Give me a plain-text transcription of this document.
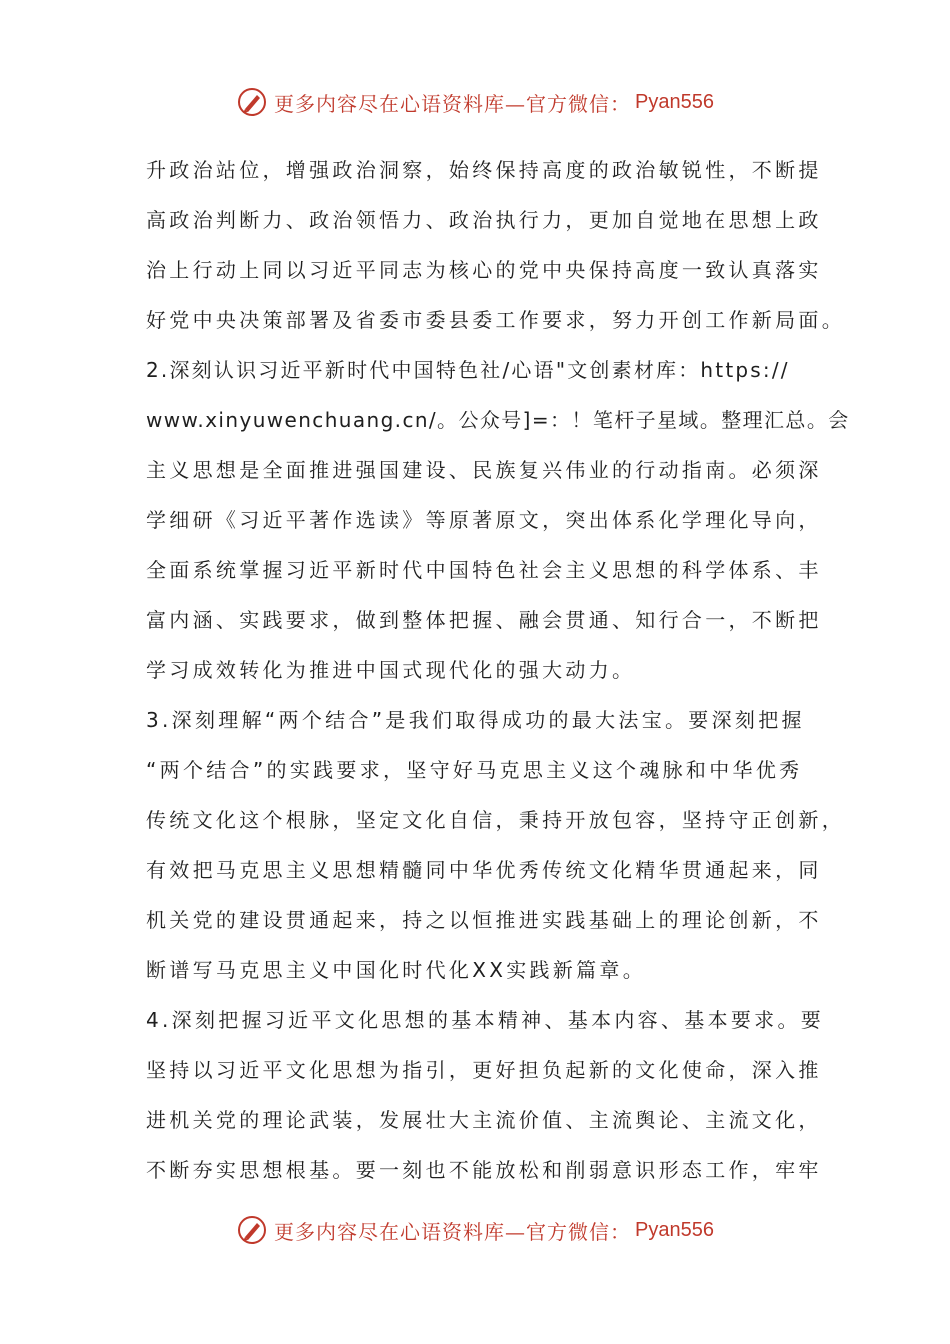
更多内容尽在心语资料库—官方微信： Pyan556
升政治站位，增强政治洞察，始终保持高度的政治敏锐性，不断提
高政治判断力、政治领悟力、政治执行力，更加自觉地在思想上政
治上行动上同以习近平同志为核心的党中央保持高度一致认真落实
好党中央决策部署及省委市委县委工作要求，努力开创工作新局面。
2.深刻认识习近平新时代中国特色社/心语"文创素材库：https://
www.xinyuwenchuang.cn/。公众号]=：！笔杆子星域。整理汇总。会
主义思想是全面推进强国建设、民族复兴伟业的行动指南。必须深
学细研《习近平著作选读》等原著原文，突出体系化学理化导向，
全面系统掌握习近平新时代中国特色社会主义思想的科学体系、丰
富内涵、实践要求，做到整体把握、融会贯通、知行合一，不断把
学习成效转化为推进中国式现代化的强大动力。
3.深刻理解“两个结合”是我们取得成功的最大法宝。要深刻把握
“两个结合”的实践要求，坚守好马克思主义这个魂脉和中华优秀
传统文化这个根脉，坚定文化自信，秉持开放包容，坚持守正创新，
有效把马克思主义思想精髓同中华优秀传统文化精华贯通起来，同
机关党的建设贯通起来，持之以恒推进实践基础上的理论创新，不
断谱写马克思主义中国化时代化XX实践新篇章。
4.深刻把握习近平文化思想的基本精神、基本内容、基本要求。要
坚持以习近平文化思想为指引，更好担负起新的文化使命，深入推
进机关党的理论武装，发展壮大主流价值、主流舆论、主流文化，
不断夯实思想根基。要一刻也不能放松和削弱意识形态工作，牢牢
更多内容尽在心语资料库—官方微信： Pyan556
